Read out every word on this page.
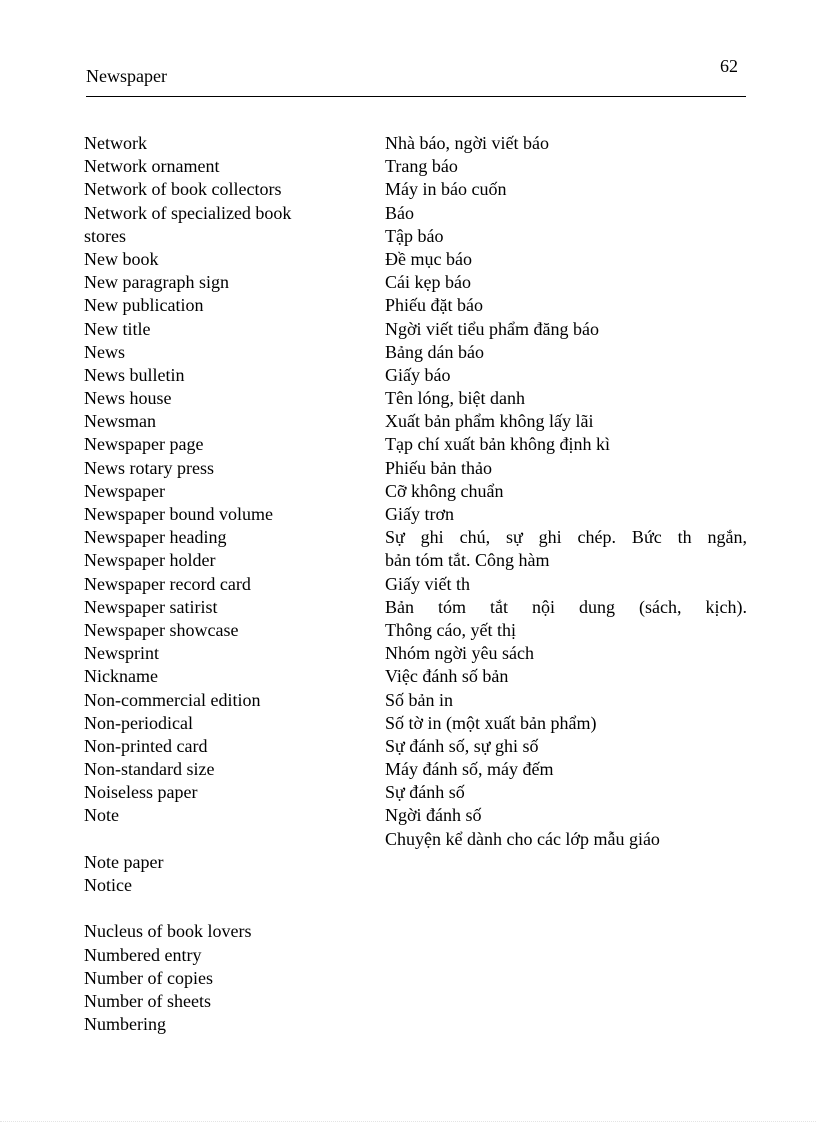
Newspaper	62
Network
Network ornament
Network of book collectors
Network of specialized book
stores
New book
New paragraph sign
New publication
New title
News
News bulletin
News house
Newsman
Newspaper page
News rotary press
Newspaper
Newspaper bound volume
Newspaper heading
Newspaper holder
Newspaper record card
Newspaper satirist
Newspaper showcase
Newsprint
Nickname
Non-commercial edition
Non-periodical
Non-printed card
Non-standard size
Noiseless paper
Note
Note paper
Notice
Nucleus of book lovers
Numbered entry
Number of copies
Number of sheets
Numbering
Nhà báo, ngời viết báo
Trang báo
Máy in báo cuốn
Báo
Tập báo
Đề mục báo
Cái kẹp báo
Phiếu đặt báo
Ngời viết tiểu phẩm đăng báo
Bảng dán báo
Giấy báo
Tên lóng, biệt danh
Xuất bản phẩm không lấy lãi
Tạp chí xuất bản không định kì
Phiếu bản thảo
Cỡ không chuẩn
Giấy trơn
Sự ghi chú, sự ghi chép. Bức th ngắn,
bản tóm tắt. Công hàm
Giấy viết th
Bản tóm tắt nội dung (sách, kịch).
Thông cáo, yết thị
Nhóm ngời yêu sách
Việc đánh số bản
Số bản in
Số tờ in (một xuất bản phẩm)
Sự đánh số, sự ghi số
Máy đánh số, máy đếm
Sự đánh số
Ngời đánh số
Chuyện kể dành cho các lớp mẫu giáo
